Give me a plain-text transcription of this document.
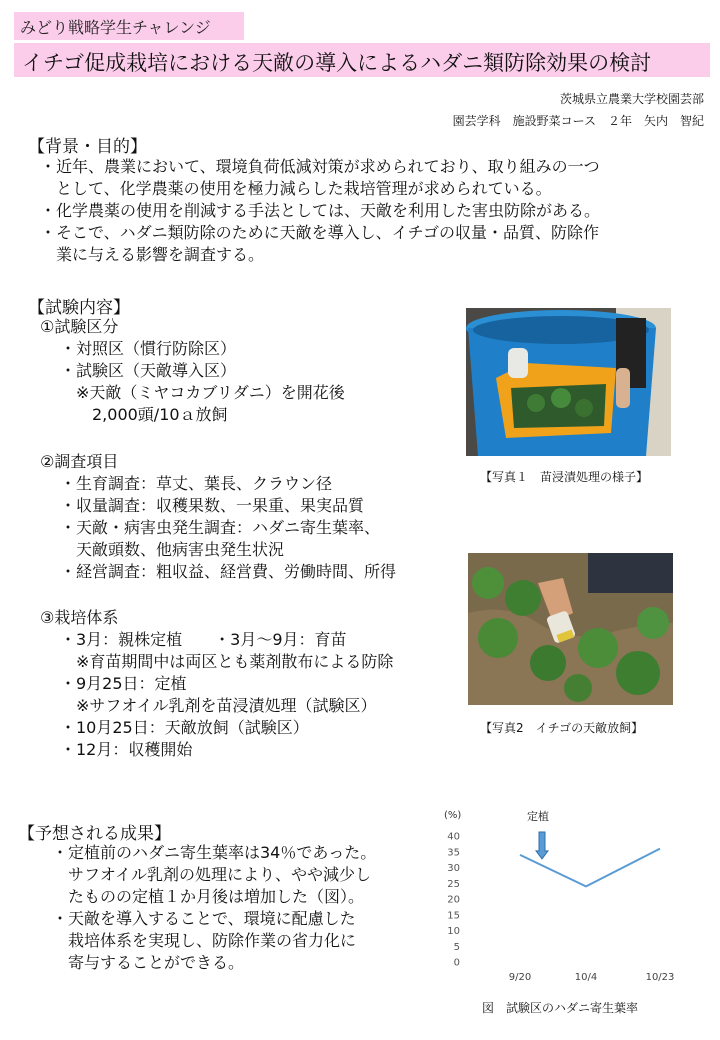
みどり戦略学生チャレンジ
イチゴ促成栽培における天敵の導入によるハダニ類防除効果の検討
茨城県立農業大学校園芸部
園芸学科　施設野菜コース　２年　矢内　智紀
【背景・目的】
・近年、農業において、環境負荷低減対策が求められており、取り組みの一つ
　として、化学農薬の使用を極力減らした栽培管理が求められている。
・化学農薬の使用を削減する手法としては、天敵を利用した害虫防除がある。
・そこで、ハダニ類防除のために天敵を導入し、イチゴの収量・品質、防除作
　業に与える影響を調査する。
【試験内容】
①試験区分
・対照区（慣行防除区）
・試験区（天敵導入区）
　※天敵（ミヤコカブリダニ）を開花後
　　2,000頭/10ａ放飼
②調査項目
・生育調査：草丈、葉長、クラウン径
・収量調査：収穫果数、一果重、果実品質
・天敵・病害虫発生調査：ハダニ寄生葉率、
　天敵頭数、他病害虫発生状況
・経営調査：粗収益、経営費、労働時間、所得
③栽培体系
・3月：親株定植　　・3月～9月：育苗
　※育苗期間中は両区とも薬剤散布による防除
・9月25日：定植
　※サフオイル乳剤を苗浸漬処理（試験区）
・10月25日：天敵放飼（試験区）
・12月：収穫開始
【写真１　苗浸漬処理の様子】
【写真2　イチゴの天敵放飼】
【予想される成果】
・定植前のハダニ寄生葉率は34％であった。
　サフオイル乳剤の処理により、やや減少し
　たものの定植１か月後は増加した（図）。
・天敵を導入することで、環境に配慮した
　栽培体系を実現し、防除作業の省力化に
　寄与することができる。
(%)
0
5
10
15
20
25
30
35
40
9/20	10/4	10/23
定植
図　試験区のハダニ寄生葉率
